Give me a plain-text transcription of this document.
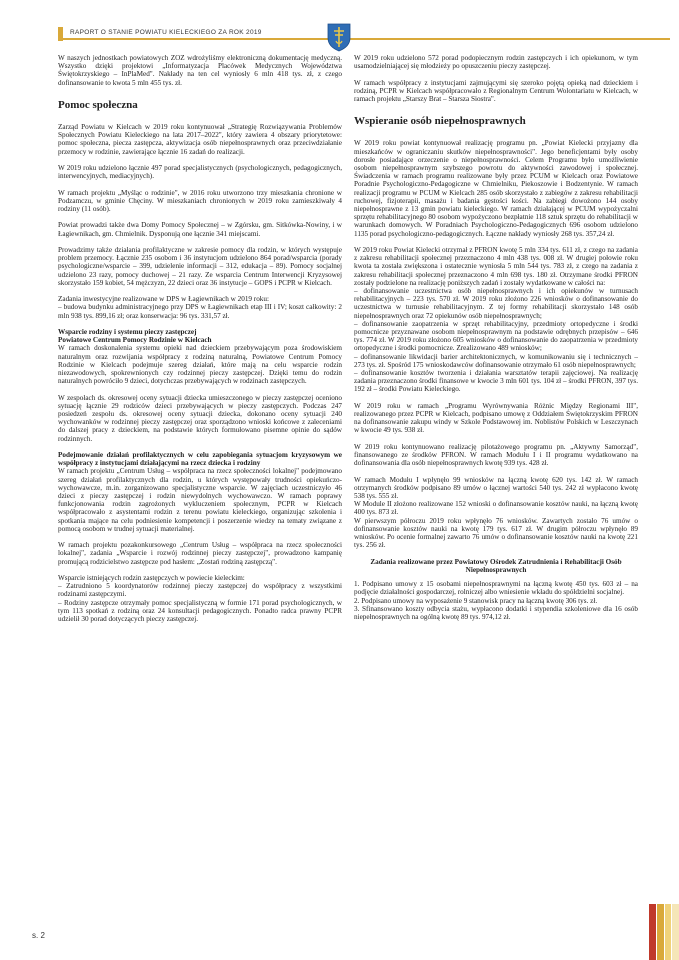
RAPORT O STANIE POWIATU KIELECKIEGO ZA ROK 2019

W naszych jednostkach powiatowych ZOZ wdrożyliśmy elektroniczną dokumentację medyczną. Wszystko dzięki projektowi „Informatyzacja Placówek Medycznych Województwa Świętokrzyskiego – InPlaMed". Nakłady na ten cel wyniosły 6 mln 418 tys. zł, z czego dofinansowanie to kwota 5 mln 455 tys. zł.

Pomoc społeczna

Zarząd Powiatu w Kielcach w 2019 roku kontynuował „Strategię Rozwiązywania Problemów Społecznych Powiatu Kieleckiego na lata 2017–2022", który zawiera 4 obszary priorytetowe: pomoc społeczna, piecza zastępcza, aktywizacja osób niepełnosprawnych oraz przeciwdziałanie przemocy w rodzinie, zawierające łącznie 16 zadań do realizacji.

W 2019 roku udzielono łącznie 497 porad specjalistycznych (psychologicznych, pedagogicznych, interwencyjnych, mediacyjnych).

W ramach projektu „Myśląc o rodzinie", w 2016 roku utworzono trzy mieszkania chronione w Podzamczu, w gminie Chęciny. W mieszkaniach chronionych w 2019 roku zamieszkiwały 4 rodziny (11 osób).

Powiat prowadzi także dwa Domy Pomocy Społecznej – w Zgórsku, gm. Sitkówka-Nowiny, i w Łagiewnikach, gm. Chmielnik. Dysponują one łącznie 341 miejscami.

Prowadzimy także działania profilaktyczne w zakresie pomocy dla rodzin, w których występuje problem przemocy. Łącznie 235 osobom i 36 instytucjom udzielono 864 porad/wsparcia (porady psychologiczne/wsparcie – 399, udzielenie informacji – 312, edukacja – 89). Pomocy socjalnej udzielono 23 razy, pomocy duchowej – 21 razy. Ze wsparcia Centrum Interwencji Kryzysowej skorzystało 159 kobiet, 54 mężczyzn, 22 dzieci oraz 36 instytucje – GOPS i PCPR w Kielcach.

Zadania inwestycyjne realizowane w DPS w Łagiewnikach w 2019 roku:

– budowa budynku administracyjnego przy DPS w Łagiewnikach etap III i IV; koszt całkowity: 2 mln 938 tys. 899,16 zł; oraz konserwacja: 96 tys. 331,57 zł.

Wsparcie rodziny i systemu pieczy zastępczej
Powiatowe Centrum Pomocy Rodzinie w Kielcach

W ramach doskonalenia systemu opieki nad dzieckiem przebywającym poza środowiskiem naturalnym oraz rozwijania współpracy z rodziną naturalną, Powiatowe Centrum Pomocy Rodzinie w Kielcach podejmuje szereg działań, które mają na celu wsparcie rodzin niezawodowych, spokrewnionych czy rodzinnej pieczy zastępczej. Dzięki temu do rodzin naturalnych powróciło 9 dzieci, dotychczas przebywających w rodzinach zastępczych.

W zespołach ds. okresowej oceny sytuacji dziecka umieszczonego w pieczy zastępczej oceniono sytuację łącznie 29 rodziców dzieci przebywających w pieczy zastępczych. Podczas 247 posiedzeń zespołu ds. okresowej oceny sytuacji dziecka, dokonano oceny sytuacji 240 wychowanków w rodzinnej pieczy zastępczej oraz sporządzono wnioski końcowe z zaleceniami do dalszej pracy z dzieckiem, na podstawie których formułowano pisemne opinie do sądów rodzinnych.

Podejmowanie działań profilaktycznych w celu zapobiegania sytuacjom kryzysowym we współpracy z instytucjami działającymi na rzecz dziecka i rodziny

W ramach projektu „Centrum Usług – współpraca na rzecz społeczności lokalnej" podejmowano szereg działań profilaktycznych dla rodzin, u których występowały trudności opiekuńczo-wychowawcze, m.in. zorganizowano specjalistyczne wsparcie. W zajęciach uczestniczyło 46 dzieci z pieczy zastępczej i rodzin niewydolnych wychowawczo. W ramach poprawy funkcjonowania rodzin zagrożonych wykluczeniem społecznym, PCPR w Kielcach współpracowało z asystentami rodzin z terenu powiatu kieleckiego, organizując szkolenia i spotkania mające na celu podniesienie kompetencji i poszerzenie wiedzy na tematy związane z pomocą osobom w trudnej sytuacji materialnej.

W ramach projektu pozakonkursowego „Centrum Usług – współpraca na rzecz społeczności lokalnej", zadania „Wsparcie i rozwój rodzinnej pieczy zastępczej", prowadzono kampanię promującą rodzicielstwo zastępcze pod hasłem: „Zostań rodziną zastępczą".

Wsparcie istniejących rodzin zastępczych w powiecie kieleckim:

– Zatrudniono 5 koordynatorów rodzinnej pieczy zastępczej do współpracy z wszystkimi rodzinami zastępczymi.

– Rodziny zastępcze otrzymały pomoc specjalistyczną w formie 171 porad psychologicznych, w tym 113 spotkań z rodziną oraz 24 konsultacji pedagogicznych. Ponadto radca prawny PCPR udzielił 30 porad dotyczących pieczy zastępczej.

W 2019 roku udzielono 572 porad podopiecznym rodzin zastępczych i ich opiekunom, w tym usamodzielniającej się młodzieży po opuszczeniu pieczy zastępczej.

W ramach współpracy z instytucjami zajmującymi się szeroko pojętą opieką nad dzieckiem i rodziną, PCPR w Kielcach współpracowało z Regionalnym Centrum Wolontariatu w Kielcach, w ramach projektu „Starszy Brat – Starsza Siostra".

Wspieranie osób niepełnosprawnych

W 2019 roku powiat kontynuował realizację programu pn. „Powiat Kielecki przyjazny dla mieszkańców w ograniczaniu skutków niepełnosprawności". Jego beneficjentami były osoby dorosłe posiadające orzeczenie o niepełnosprawności. Celem Programu było umożliwienie osobom niepełnosprawnym szybszego powrotu do aktywności zawodowej i społecznej. Świadczenia w ramach programu realizowane były przez PCUM w Kielcach oraz Powiatowe Poradnie Psychologiczno-Pedagogiczne w Chmielniku, Piekoszowie i Bodzentynie. W ramach realizacji programu w PCUM w Kielcach 285 osób skorzystało z zabiegów z zakresu rehabilitacji ruchowej, fizjoterapii, masażu i badania gęstości kości. Na zabiegi dowożono 144 osoby niepełnosprawne z 13 gmin powiatu kieleckiego. W ramach działającej w PCUM wypożyczalni sprzętu rehabilitacyjnego 80 osobom wypożyczono bezpłatnie 118 sztuk sprzętu do rehabilitacji w warunkach domowych. W Poradniach Psychologiczno-Pedagogicznych 696 osobom udzielono 1135 porad psychologiczno-pedagogicznych. Łączne nakłady wyniosły 268 tys. 357,24 zł.

W 2019 roku Powiat Kielecki otrzymał z PFRON kwotę 5 mln 334 tys. 611 zł, z czego na zadania z zakresu rehabilitacji społecznej przeznaczono 4 mln 438 tys. 008 zł. W drugiej połowie roku kwota ta została zwiększona i ostatecznie wyniosła 5 mln 544 tys. 783 zł, z czego na zadania z zakresu rehabilitacji społecznej przeznaczono 4 mln 698 tys. 180 zł. Otrzymane środki PFRON zostały podzielone na realizację poniższych zadań i zostały wydatkowane w całości na:

– dofinansowanie uczestnictwa osób niepełnosprawnych i ich opiekunów w turnusach rehabilitacyjnych – 223 tys. 570 zł. W 2019 roku złożono 226 wniosków o dofinansowanie do uczestnictwa w turnusie rehabilitacyjnym. Z tej formy rehabilitacji skorzystało 148 osób niepełnosprawnych oraz 72 opiekunów osób niepełnosprawnych;

– dofinansowanie zaopatrzenia w sprzęt rehabilitacyjny, przedmioty ortopedyczne i środki pomocnicze przyznawane osobom niepełnosprawnym na podstawie odrębnych przepisów – 646 tys. 774 zł. W 2019 roku złożono 605 wniosków o dofinansowanie do zaopatrzenia w przedmioty ortopedyczne i środki pomocnicze. Zrealizowano 489 wniosków;

– dofinansowanie likwidacji barier architektonicznych, w komunikowaniu się i technicznych – 273 tys. zł. Spośród 175 wnioskodawców dofinansowanie otrzymało 61 osób niepełnosprawnych;

– dofinansowanie kosztów tworzenia i działania warsztatów terapii zajęciowej. Na realizację zadania przeznaczono środki finansowe w kwocie 3 mln 601 tys. 104 zł – środki PFRON, 397 tys. 192 zł – środki Powiatu Kieleckiego.

W 2019 roku w ramach „Programu Wyrównywania Różnic Między Regionami III", realizowanego przez PCPR w Kielcach, podpisano umowę z Oddziałem Świętokrzyskim PFRON na dofinansowanie zakupu windy w Szkole Podstawowej im. Noblistów Polskich w Leszczynach w kwocie 49 tys. 938 zł.

W 2019 roku kontynuowano realizację pilotażowego programu pn. „Aktywny Samorząd", finansowanego ze środków PFRON. W ramach Modułu I i II programu wydatkowano na dofinansowania dla osób niepełnosprawnych kwotę 939 tys. 428 zł.

W ramach Modułu I wpłynęło 99 wniosków na łączną kwotę 620 tys. 142 zł. W ramach otrzymanych środków podpisano 89 umów o łącznej wartości 540 tys. 242 zł wypłacono kwotę 538 tys. 555 zł.

W Module II złożono realizowane 152 wnioski o dofinansowanie kosztów nauki, na łączną kwotę 400 tys. 873 zł.

W pierwszym półroczu 2019 roku wpłynęło 76 wniosków. Zawartych zostało 76 umów o dofinansowanie kosztów nauki na kwotę 179 tys. 617 zł. W drugim półroczu wpłynęło 89 wniosków. Po ocenie formalnej zawarto 76 umów o dofinansowanie kosztów nauki na kwotę 221 tys. 256 zł.

Zadania realizowane przez Powiatowy Ośrodek Zatrudnienia i Rehabilitacji Osób Niepełnosprawnych

1. Podpisano umowy z 15 osobami niepełnosprawnymi na łączną kwotę 450 tys. 603 zł – na podjęcie działalności gospodarczej, rolniczej albo wniesienie wkładu do spółdzielni socjalnej.

2. Podpisano umowy na wyposażenie 9 stanowisk pracy na łączną kwotę 306 tys. zł.

3. Sfinansowano koszty odbycia stażu, wypłacono dodatki i stypendia szkoleniowe dla 16 osób niepełnosprawnych na ogólną kwotę 89 tys. 974,12 zł.

s. 2
